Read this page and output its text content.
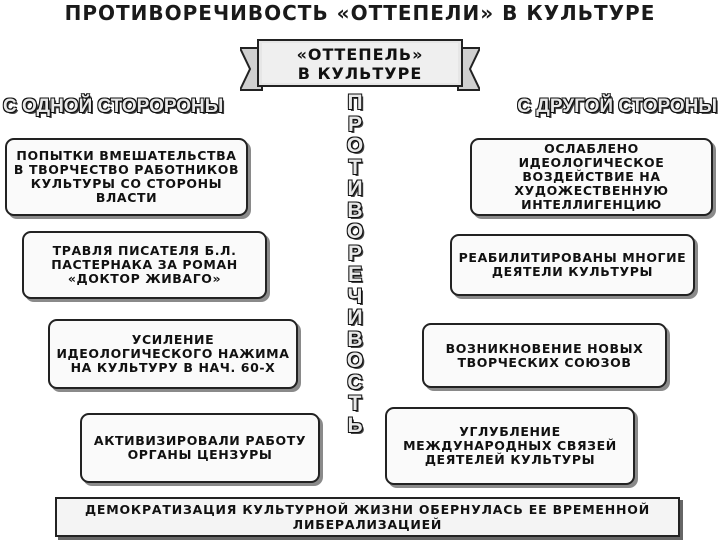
ПРОТИВОРЕЧИВОСТЬ «ОТТЕПЕЛИ» В КУЛЬТУРЕ
«ОТТЕПЕЛЬ»
В КУЛЬТУРЕ
С ОДНОЙ СТОРОРОНЫ	С ДРУГОЙ СТОРОНЫ
П
Р
О
Т
И
В
О
Р
Е
Ч
И
В
О
С
Т
Ь
ПОПЫТКИ ВМЕШАТЕЛЬСТВА В ТВОРЧЕСТВО РАБОТНИКОВ КУЛЬТУРЫ СО СТОРОНЫ ВЛАСТИ
ТРАВЛЯ ПИСАТЕЛЯ Б.Л. ПАСТЕРНАКА ЗА РОМАН «ДОКТОР ЖИВАГО»
УСИЛЕНИЕ ИДЕОЛОГИЧЕСКОГО НАЖИМА НА КУЛЬТУРУ В НАЧ. 60-Х
АКТИВИЗИРОВАЛИ РАБОТУ ОРГАНЫ ЦЕНЗУРЫ
ОСЛАБЛЕНО ИДЕОЛОГИЧЕСКОЕ ВОЗДЕЙСТВИЕ НА ХУДОЖЕСТВЕННУЮ ИНТЕЛЛИГЕНЦИЮ
РЕАБИЛИТИРОВАНЫ МНОГИЕ ДЕЯТЕЛИ КУЛЬТУРЫ
ВОЗНИКНОВЕНИЕ НОВЫХ ТВОРЧЕСКИХ СОЮЗОВ
УГЛУБЛЕНИЕ МЕЖДУНАРОДНЫХ СВЯЗЕЙ ДЕЯТЕЛЕЙ КУЛЬТУРЫ
ДЕМОКРАТИЗАЦИЯ КУЛЬТУРНОЙ ЖИЗНИ ОБЕРНУЛАСЬ ЕЕ ВРЕМЕННОЙ ЛИБЕРАЛИЗАЦИЕЙ
